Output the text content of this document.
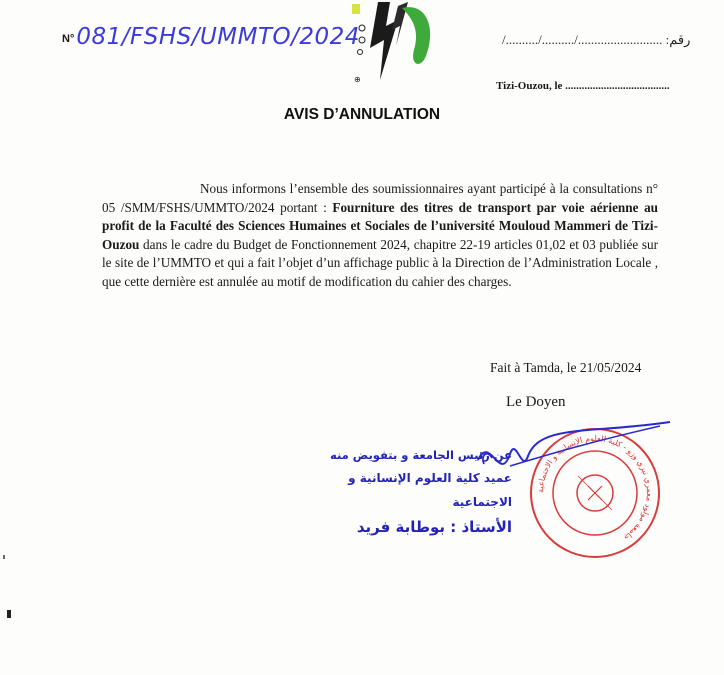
N°081/FSHS/UMMTO/2024
⊕
/........../........../.......................... :رقم
Tizi-Ouzou, le ......................................
AVIS D’ANNULATION

Nous informons l’ensemble des soumissionnaires ayant participé à la consultations n° 05 /SMM/FSHS/UMMTO/2024 portant : Fourniture des titres de transport par voie aérienne au profit de la Faculté des Sciences Humaines et Sociales de l’université Mouloud Mammeri de Tizi-Ouzou dans le cadre du Budget de Fonctionnement 2024, chapitre 22-19 articles 01,02 et 03 publiée sur le site de l’UMMTO et qui a fait l’objet d’un affichage public à la Direction de l’Administration Locale , que cette dernière est annulée au motif de modification du cahier des charges.

Fait à Tamda, le 21/05/2024
Le Doyen
جامعة مولود معمري تيزي وزو - كلية العلوم الإنسانية و الاجتماعية
عن رئيس الجامعة و بتفويض منه
عميد كلية العلوم الإنسانية و الاجتماعية
الأستاذ : بوطابة فريد
